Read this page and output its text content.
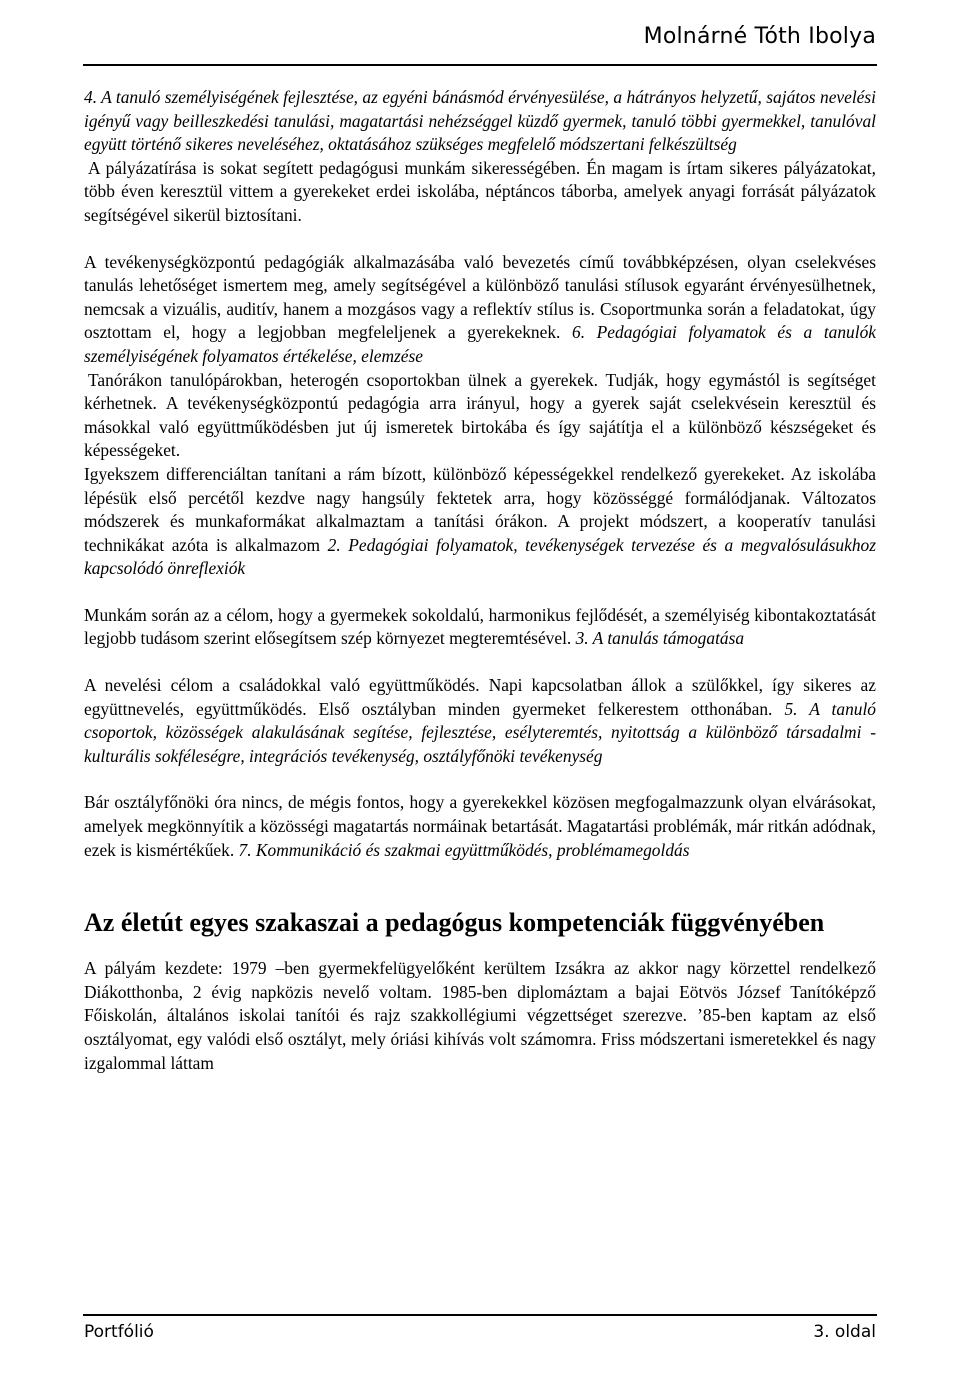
Molnárné Tóth Ibolya

4. A tanuló személyiségének fejlesztése, az egyéni bánásmód érvényesülése, a hátrányos helyzetű, sajátos nevelési igényű vagy beilleszkedési tanulási, magatartási nehézséggel küzdő gyermek, tanuló többi gyermekkel, tanulóval együtt történő sikeres neveléséhez, oktatásához szükséges megfelelő módszertani felkészültség

A pályázatírása is sokat segített pedagógusi munkám sikerességében. Én magam is írtam sikeres pályázatokat, több éven keresztül vittem a gyerekeket erdei iskolába, néptáncos táborba, amelyek anyagi forrását pályázatok segítségével sikerül biztosítani.

A tevékenységközpontú pedagógiák alkalmazásába való bevezetés című továbbképzésen, olyan cselekvéses tanulás lehetőséget ismertem meg, amely segítségével a különböző tanulási stílusok egyaránt érvényesülhetnek, nemcsak a vizuális, auditív, hanem a mozgásos vagy a reflektív stílus is. Csoportmunka során a feladatokat, úgy osztottam el, hogy a legjobban megfeleljenek a gyerekeknek. 6. Pedagógiai folyamatok és a tanulók személyiségének folyamatos értékelése, elemzése

Tanórákon tanulópárokban, heterogén csoportokban ülnek a gyerekek. Tudják, hogy egymástól is segítséget kérhetnek. A tevékenységközpontú pedagógia arra irányul, hogy a gyerek saját cselekvésein keresztül és másokkal való együttműködésben jut új ismeretek birtokába és így sajátítja el a különböző készségeket és képességeket.

Igyekszem differenciáltan tanítani a rám bízott, különböző képességekkel rendelkező gyerekeket. Az iskolába lépésük első percétől kezdve nagy hangsúly fektetek arra, hogy közösséggé formálódjanak. Változatos módszerek és munkaformákat alkalmaztam a tanítási órákon. A projekt módszert, a kooperatív tanulási technikákat azóta is alkalmazom 2. Pedagógiai folyamatok, tevékenységek tervezése és a megvalósulásukhoz kapcsolódó önreflexiók

Munkám során az a célom, hogy a gyermekek sokoldalú, harmonikus fejlődését, a személyiség kibontakoztatását legjobb tudásom szerint elősegítsem szép környezet megteremtésével. 3. A tanulás támogatása

A nevelési célom a családokkal való együttműködés. Napi kapcsolatban állok a szülőkkel, így sikeres az együttnevelés, együttműködés. Első osztályban minden gyermeket felkerestem otthonában. 5. A tanuló csoportok, közösségek alakulásának segítése, fejlesztése, esélyteremtés, nyitottság a különböző társadalmi - kulturális sokféleségre, integrációs tevékenység, osztályfőnöki tevékenység

Bár osztályfőnöki óra nincs, de mégis fontos, hogy a gyerekekkel közösen megfogalmazzunk olyan elvárásokat, amelyek megkönnyítik a közösségi magatartás normáinak betartását. Magatartási problémák, már ritkán adódnak, ezek is kismértékűek. 7. Kommunikáció és szakmai együttműködés, problémamegoldás

Az életút egyes szakaszai a pedagógus kompetenciák függvényében

A pályám kezdete: 1979 –ben gyermekfelügyelőként kerültem Izsákra az akkor nagy körzettel rendelkező Diákotthonba, 2 évig napközis nevelő voltam. 1985-ben diplomáztam a bajai Eötvös József Tanítóképző Főiskolán, általános iskolai tanítói és rajz szakkollégiumi végzettséget szerezve. ’85-ben kaptam az első osztályomat, egy valódi első osztályt, mely óriási kihívás volt számomra. Friss módszertani ismeretekkel és nagy izgalommal láttam

Portfólió	3. oldal
